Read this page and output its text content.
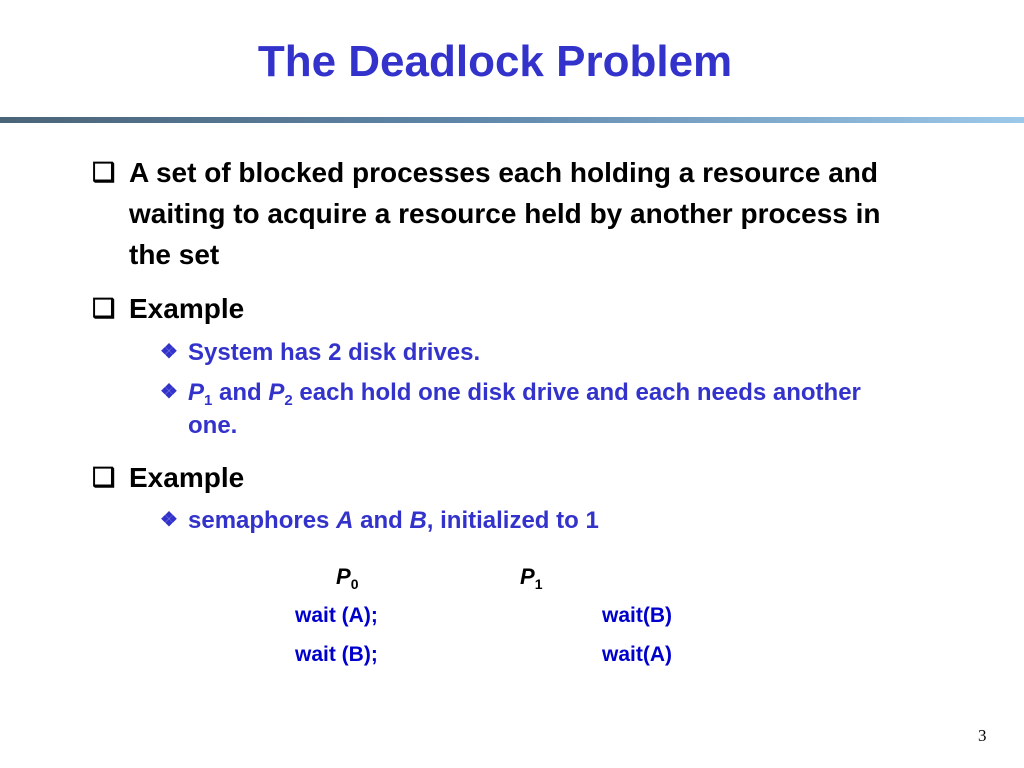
The Deadlock Problem
❑ A set of blocked processes each holding a resource and waiting to acquire a resource held by another process in the set
❑ Example
❖ System has 2 disk drives.
❖ $P_1$ and $P_2$ each hold one disk drive and each needs another one.
❑ Example
❖ semaphores A and B, initialized to 1
$P_0$	$P_1$
wait (A);
wait (B);
wait(B)
wait(A)
3
